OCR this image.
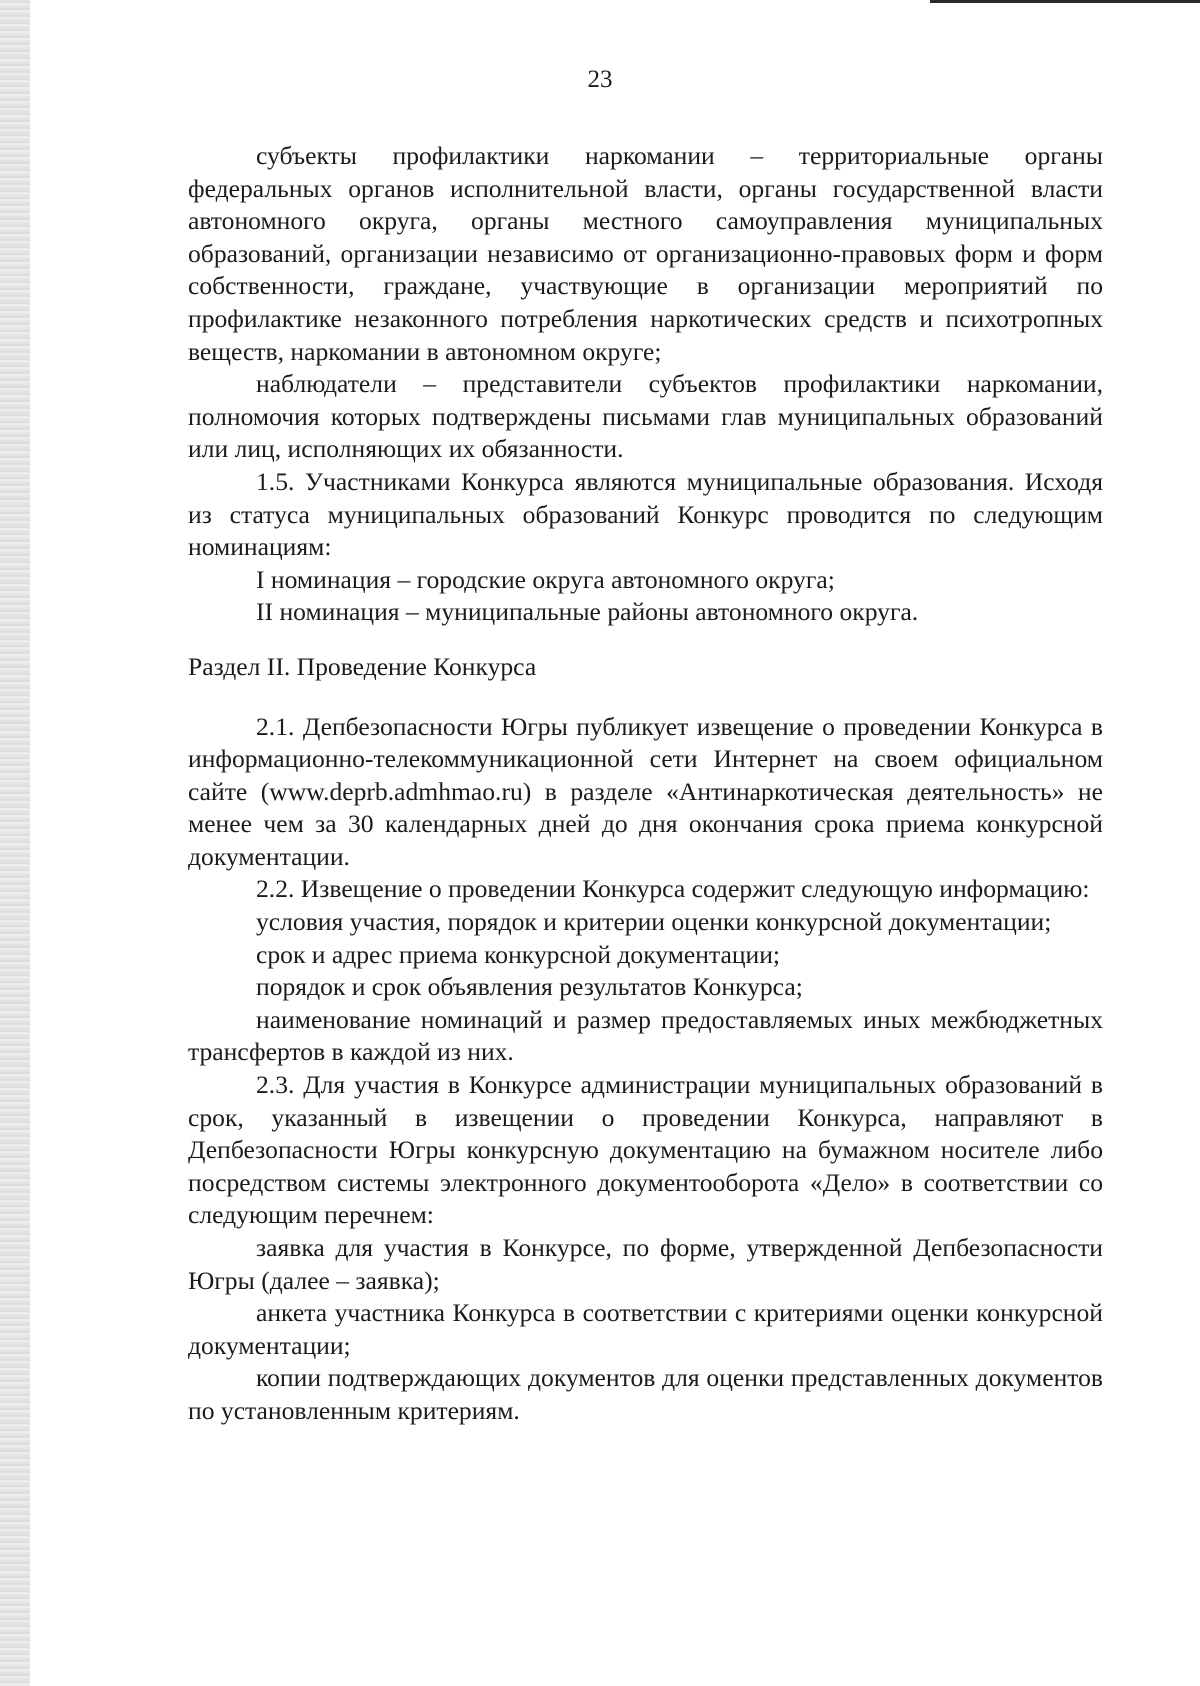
23

субъекты профилактики наркомании – территориальные органы федеральных органов исполнительной власти, органы государственной власти автономного округа, органы местного самоуправления муниципальных образований, организации независимо от организационно-правовых форм и форм собственности, граждане, участвующие в организации мероприятий по профилактике незаконного потребления наркотических средств и психотропных веществ, наркомании в автономном округе;

наблюдатели – представители субъектов профилактики наркомании, полномочия которых подтверждены письмами глав муниципальных образований или лиц, исполняющих их обязанности.

1.5. Участниками Конкурса являются муниципальные образования. Исходя из статуса муниципальных образований Конкурс проводится по следующим номинациям:

I номинация – городские округа автономного округа;

II номинация – муниципальные районы автономного округа.

Раздел II. Проведение Конкурса

2.1. Депбезопасности Югры публикует извещение о проведении Конкурса в информационно-телекоммуникационной сети Интернет на своем официальном сайте (www.deprb.admhmao.ru) в разделе «Антинаркотическая деятельность» не менее чем за 30 календарных дней до дня окончания срока приема конкурсной документации.

2.2. Извещение о проведении Конкурса содержит следующую информацию:

условия участия, порядок и критерии оценки конкурсной документации;

срок и адрес приема конкурсной документации;

порядок и срок объявления результатов Конкурса;

наименование номинаций и размер предоставляемых иных межбюджетных трансфертов в каждой из них.

2.3. Для участия в Конкурсе администрации муниципальных образований в срок, указанный в извещении о проведении Конкурса, направляют в Депбезопасности Югры конкурсную документацию на бумажном носителе либо посредством системы электронного документооборота «Дело» в соответствии со следующим перечнем:

заявка для участия в Конкурсе, по форме, утвержденной Депбезопасности Югры (далее – заявка);

анкета участника Конкурса в соответствии с критериями оценки конкурсной документации;

копии подтверждающих документов для оценки представленных документов по установленным критериям.
